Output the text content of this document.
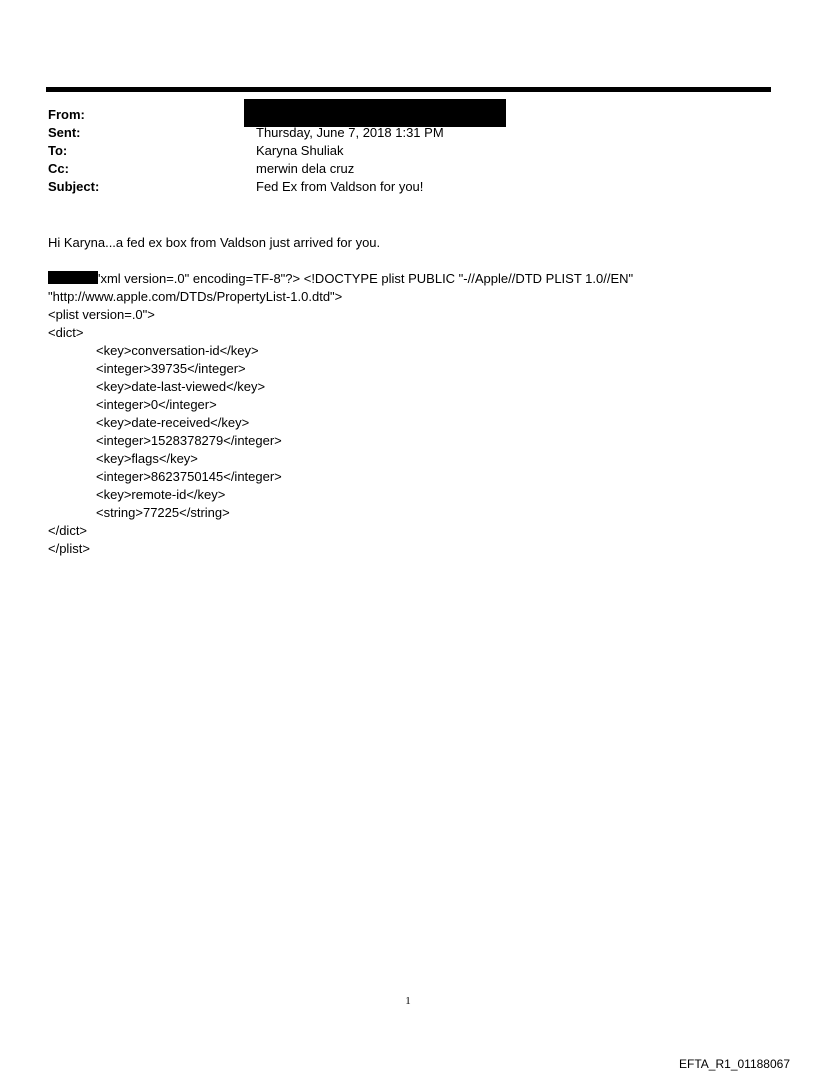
From:
Sent:	Thursday, June 7, 2018 1:31 PM
To:	Karyna Shuliak
Cc:	merwin dela cruz
Subject:	Fed Ex from Valdson for you!
Hi Karyna...a fed ex box from Valdson just arrived for you.
'xml version=.0" encoding=TF-8"?> <!DOCTYPE plist PUBLIC "-//Apple//DTD PLIST 1.0//EN"
"http://www.apple.com/DTDs/PropertyList-1.0.dtd">
<plist version=.0">
<dict>
<key>conversation-id</key>
<integer>39735</integer>
<key>date-last-viewed</key>
<integer>0</integer>
<key>date-received</key>
<integer>1528378279</integer>
<key>flags</key>
<integer>8623750145</integer>
<key>remote-id</key>
<string>77225</string>
</dict>
</plist>
1
EFTA_R1_01188067
